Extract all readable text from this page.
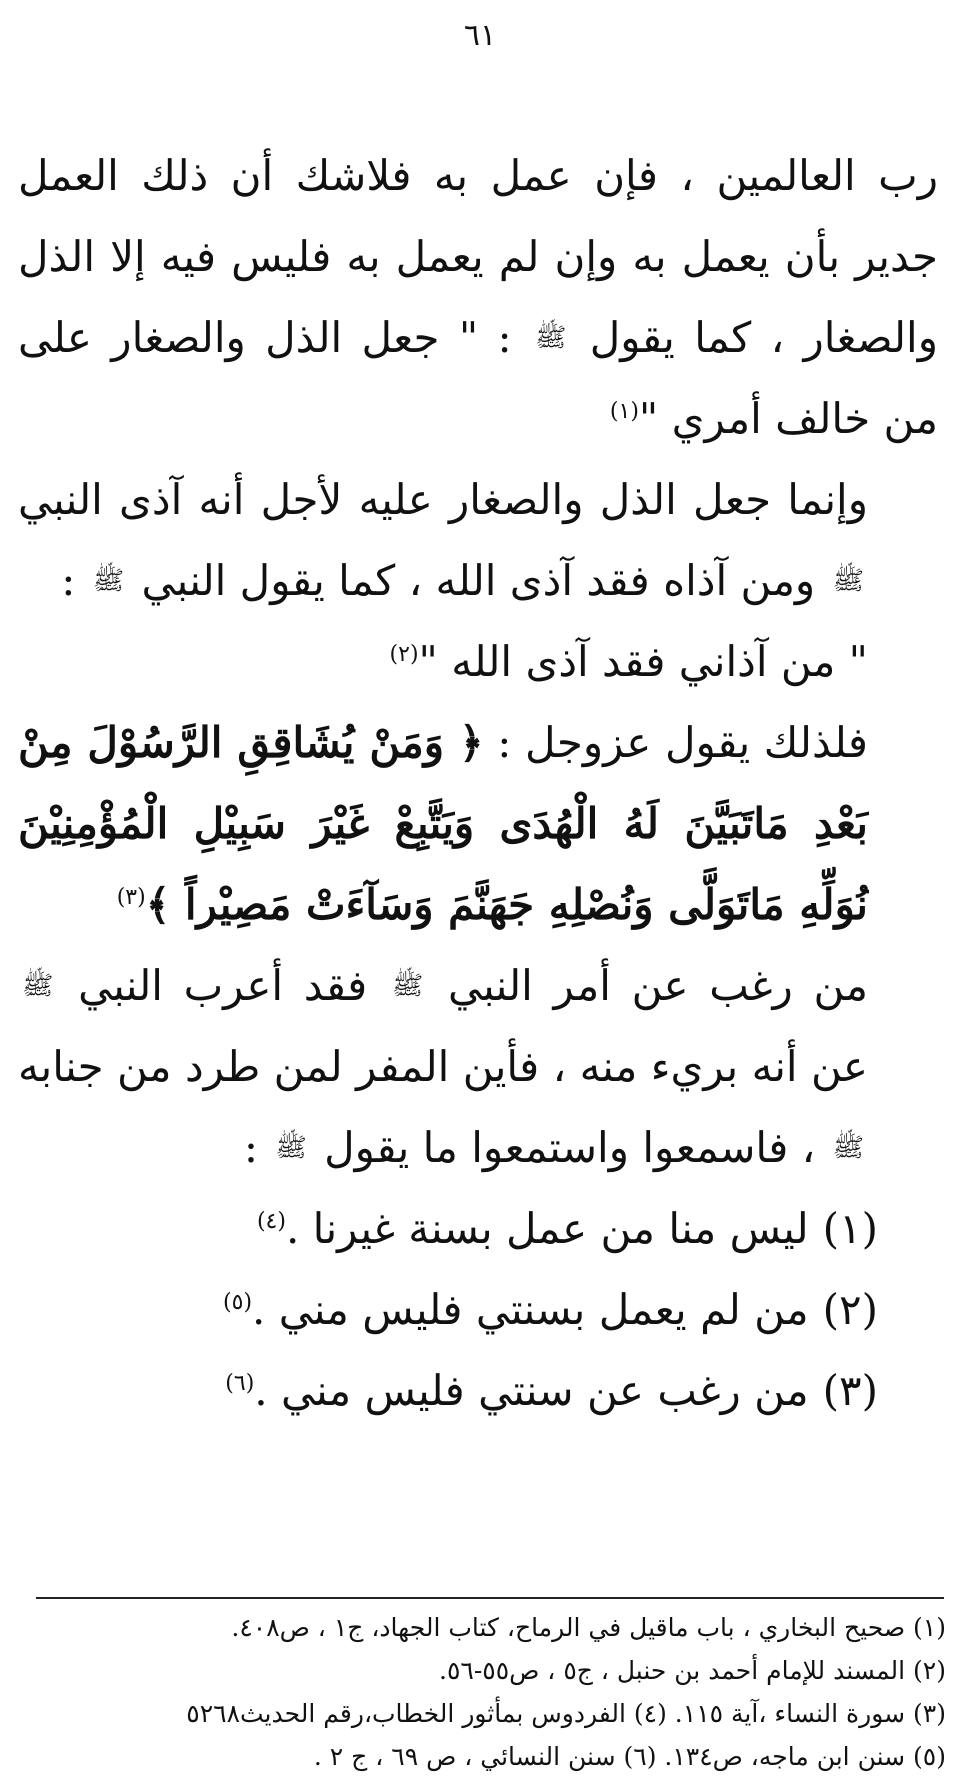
٦١

رب العالمين ، فإن عمل به فلاشك أن ذلك العمل جدير بأن يعمل به وإن لم يعمل به فليس فيه إلا الذل والصغار ، كما يقول ﷺ : " جعل الذل والصغار على من خالف أمري "$^{(١)}$

وإنما جعل الذل والصغار عليه لأجل أنه آذى النبي ﷺ ومن آذاه فقد آذى الله ، كما يقول النبي ﷺ :

" من آذاني فقد آذى الله "$^{(٢)}$

فلذلك يقول عزوجل : ﴿ وَمَنْ يُشَاقِقِ الرَّسُوْلَ مِنْ بَعْدِ مَاتَبَيَّنَ لَهُ الْهُدَى وَيَتَّبِعْ غَيْرَ سَبِيْلِ الْمُؤْمِنِيْنَ نُوَلِّهِ مَاتَوَلَّى وَنُصْلِهِ جَهَنَّمَ وَسَآءَتْ مَصِيْراً ﴾$^{(٣)}$

من رغب عن أمر النبي ﷺ فقد أعرب النبي ﷺ عن أنه بريء منه ، فأين المفر لمن طرد من جنابه ﷺ ، فاسمعوا واستمعوا ما يقول ﷺ :

(١)ليس منا من عمل بسنة غيرنا .$^{(٤)}$

(٢)من لم يعمل بسنتي فليس مني .$^{(٥)}$

(٣)من رغب عن سنتي فليس مني .$^{(٦)}$

(١) صحيح البخاري ، باب ماقيل في الرماح، كتاب الجهاد، ج١ ، ص٤٠٨.

(٢) المسند للإمام أحمد بن حنبل ، ج٥ ، ص٥٥-٥٦.

(٣) سورة النساء ،آية ١١٥. (٤) الفردوس بمأثور الخطاب،رقم الحديث٥٢٦٨

(٥) سنن ابن ماجه، ص١٣٤. (٦) سنن النسائي ، ص ٦٩ ، ج ٢ .
